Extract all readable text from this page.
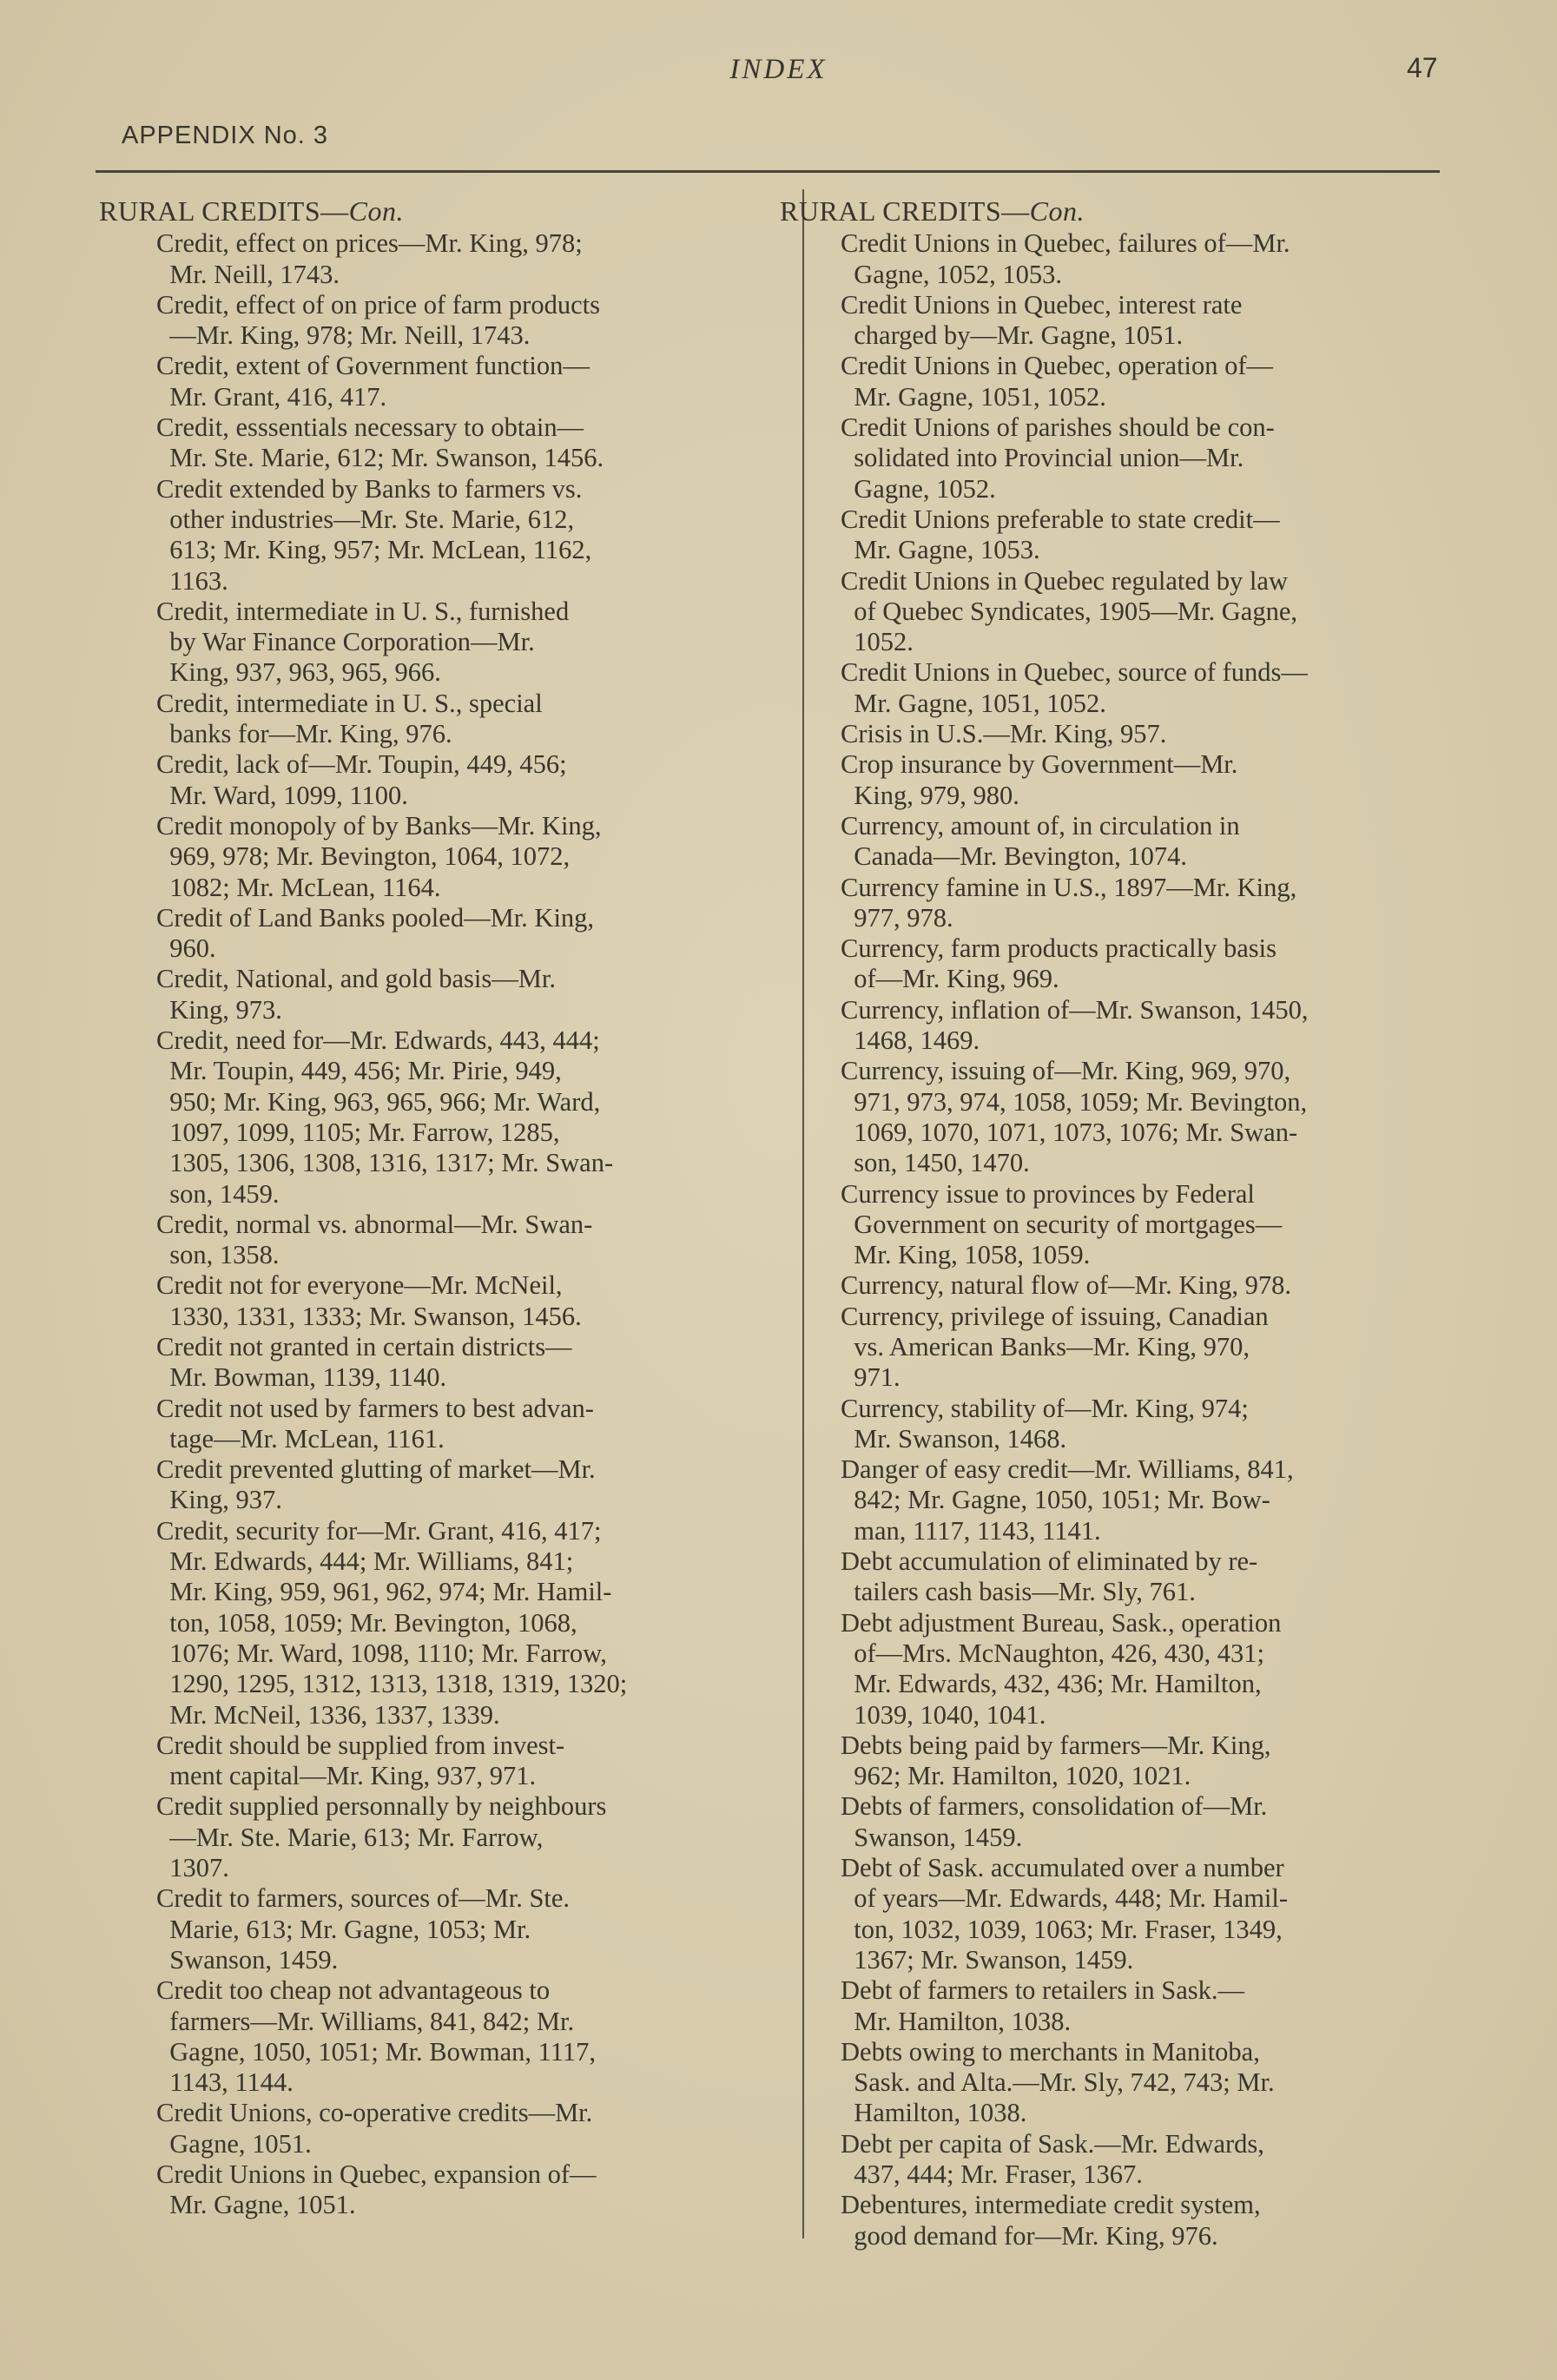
INDEX	47
APPENDIX No. 3
RURAL CREDITS—Con.
Credit, effect on prices—Mr. King, 978;
Mr. Neill, 1743.
Credit, effect of on price of farm products
—Mr. King, 978; Mr. Neill, 1743.
Credit, extent of Government function—
Mr. Grant, 416, 417.
Credit, esssentials necessary to obtain—
Mr. Ste. Marie, 612; Mr. Swanson, 1456.
Credit extended by Banks to farmers vs.
other industries—Mr. Ste. Marie, 612,
613; Mr. King, 957; Mr. McLean, 1162,
1163.
Credit, intermediate in U. S., furnished
by War Finance Corporation—Mr.
King, 937, 963, 965, 966.
Credit, intermediate in U. S., special
banks for—Mr. King, 976.
Credit, lack of—Mr. Toupin, 449, 456;
Mr. Ward, 1099, 1100.
Credit monopoly of by Banks—Mr. King,
969, 978; Mr. Bevington, 1064, 1072,
1082; Mr. McLean, 1164.
Credit of Land Banks pooled—Mr. King,
960.
Credit, National, and gold basis—Mr.
King, 973.
Credit, need for—Mr. Edwards, 443, 444;
Mr. Toupin, 449, 456; Mr. Pirie, 949,
950; Mr. King, 963, 965, 966; Mr. Ward,
1097, 1099, 1105; Mr. Farrow, 1285,
1305, 1306, 1308, 1316, 1317; Mr. Swan-
son, 1459.
Credit, normal vs. abnormal—Mr. Swan-
son, 1358.
Credit not for everyone—Mr. McNeil,
1330, 1331, 1333; Mr. Swanson, 1456.
Credit not granted in certain districts—
Mr. Bowman, 1139, 1140.
Credit not used by farmers to best advan-
tage—Mr. McLean, 1161.
Credit prevented glutting of market—Mr.
King, 937.
Credit, security for—Mr. Grant, 416, 417;
Mr. Edwards, 444; Mr. Williams, 841;
Mr. King, 959, 961, 962, 974; Mr. Hamil-
ton, 1058, 1059; Mr. Bevington, 1068,
1076; Mr. Ward, 1098, 1110; Mr. Farrow,
1290, 1295, 1312, 1313, 1318, 1319, 1320;
Mr. McNeil, 1336, 1337, 1339.
Credit should be supplied from invest-
ment capital—Mr. King, 937, 971.
Credit supplied personnally by neighbours
—Mr. Ste. Marie, 613; Mr. Farrow,
1307.
Credit to farmers, sources of—Mr. Ste.
Marie, 613; Mr. Gagne, 1053; Mr.
Swanson, 1459.
Credit too cheap not advantageous to
farmers—Mr. Williams, 841, 842; Mr.
Gagne, 1050, 1051; Mr. Bowman, 1117,
1143, 1144.
Credit Unions, co-operative credits—Mr.
Gagne, 1051.
Credit Unions in Quebec, expansion of—
Mr. Gagne, 1051.
RURAL CREDITS—Con.
Credit Unions in Quebec, failures of—Mr.
Gagne, 1052, 1053.
Credit Unions in Quebec, interest rate
charged by—Mr. Gagne, 1051.
Credit Unions in Quebec, operation of—
Mr. Gagne, 1051, 1052.
Credit Unions of parishes should be con-
solidated into Provincial union—Mr.
Gagne, 1052.
Credit Unions preferable to state credit—
Mr. Gagne, 1053.
Credit Unions in Quebec regulated by law
of Quebec Syndicates, 1905—Mr. Gagne,
1052.
Credit Unions in Quebec, source of funds—
Mr. Gagne, 1051, 1052.
Crisis in U.S.—Mr. King, 957.
Crop insurance by Government—Mr.
King, 979, 980.
Currency, amount of, in circulation in
Canada—Mr. Bevington, 1074.
Currency famine in U.S., 1897—Mr. King,
977, 978.
Currency, farm products practically basis
of—Mr. King, 969.
Currency, inflation of—Mr. Swanson, 1450,
1468, 1469.
Currency, issuing of—Mr. King, 969, 970,
971, 973, 974, 1058, 1059; Mr. Bevington,
1069, 1070, 1071, 1073, 1076; Mr. Swan-
son, 1450, 1470.
Currency issue to provinces by Federal
Government on security of mortgages—
Mr. King, 1058, 1059.
Currency, natural flow of—Mr. King, 978.
Currency, privilege of issuing, Canadian
vs. American Banks—Mr. King, 970,
971.
Currency, stability of—Mr. King, 974;
Mr. Swanson, 1468.
Danger of easy credit—Mr. Williams, 841,
842; Mr. Gagne, 1050, 1051; Mr. Bow-
man, 1117, 1143, 1141.
Debt accumulation of eliminated by re-
tailers cash basis—Mr. Sly, 761.
Debt adjustment Bureau, Sask., operation
of—Mrs. McNaughton, 426, 430, 431;
Mr. Edwards, 432, 436; Mr. Hamilton,
1039, 1040, 1041.
Debts being paid by farmers—Mr. King,
962; Mr. Hamilton, 1020, 1021.
Debts of farmers, consolidation of—Mr.
Swanson, 1459.
Debt of Sask. accumulated over a number
of years—Mr. Edwards, 448; Mr. Hamil-
ton, 1032, 1039, 1063; Mr. Fraser, 1349,
1367; Mr. Swanson, 1459.
Debt of farmers to retailers in Sask.—
Mr. Hamilton, 1038.
Debts owing to merchants in Manitoba,
Sask. and Alta.—Mr. Sly, 742, 743; Mr.
Hamilton, 1038.
Debt per capita of Sask.—Mr. Edwards,
437, 444; Mr. Fraser, 1367.
Debentures, intermediate credit system,
good demand for—Mr. King, 976.
